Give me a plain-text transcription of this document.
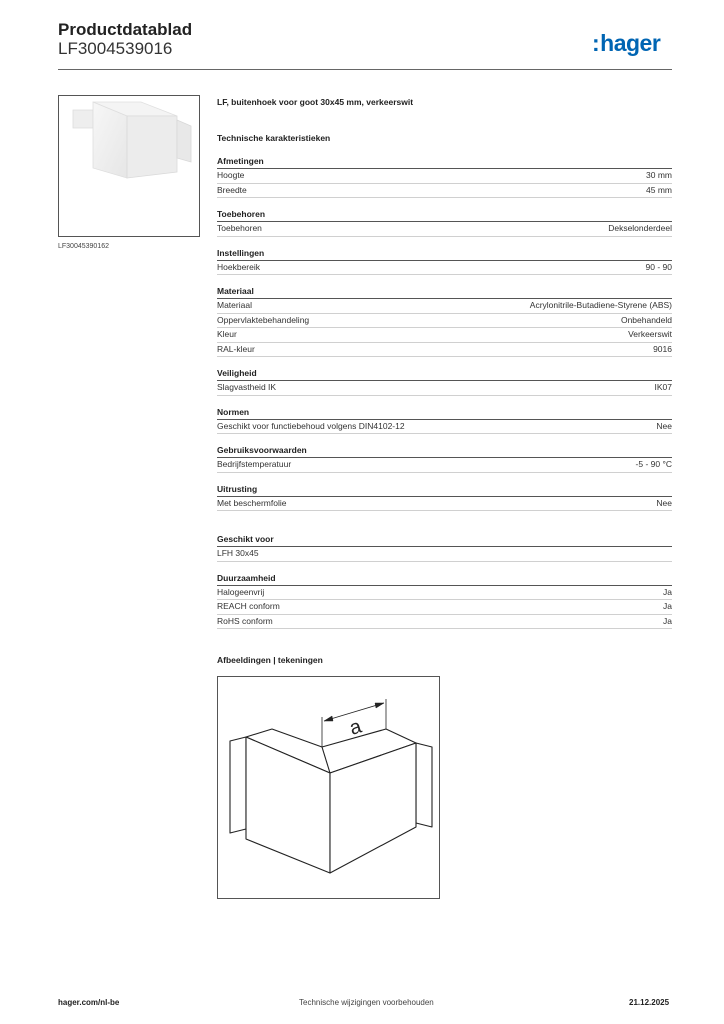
Productdatablad
LF3004539016	:hager
LF30045390162
LF, buitenhoek voor goot 30x45 mm, verkeerswit
Technische karakteristieken
Afmetingen
Hoogte	30 mm
Breedte	45 mm
Toebehoren
Toebehoren	Dekselonderdeel
Instellingen
Hoekbereik	90 - 90
Materiaal
Materiaal	Acrylonitrile-Butadiene-Styrene (ABS)
Oppervlaktebehandeling	Onbehandeld
Kleur	Verkeerswit
RAL-kleur	9016
Veiligheid
Slagvastheid IK	IK07
Normen
Geschikt voor functiebehoud volgens DIN4102-12	Nee
Gebruiksvoorwaarden
Bedrijfstemperatuur	-5 - 90 °C
Uitrusting
Met beschermfolie	Nee
Geschikt voor
LFH 30x45
Duurzaamheid
Halogeenvrij	Ja
REACH conform	Ja
RoHS conform	Ja
Afbeeldingen | tekeningen
a
hager.com/nl-be	Technische wijzigingen voorbehouden	21.12.2025
